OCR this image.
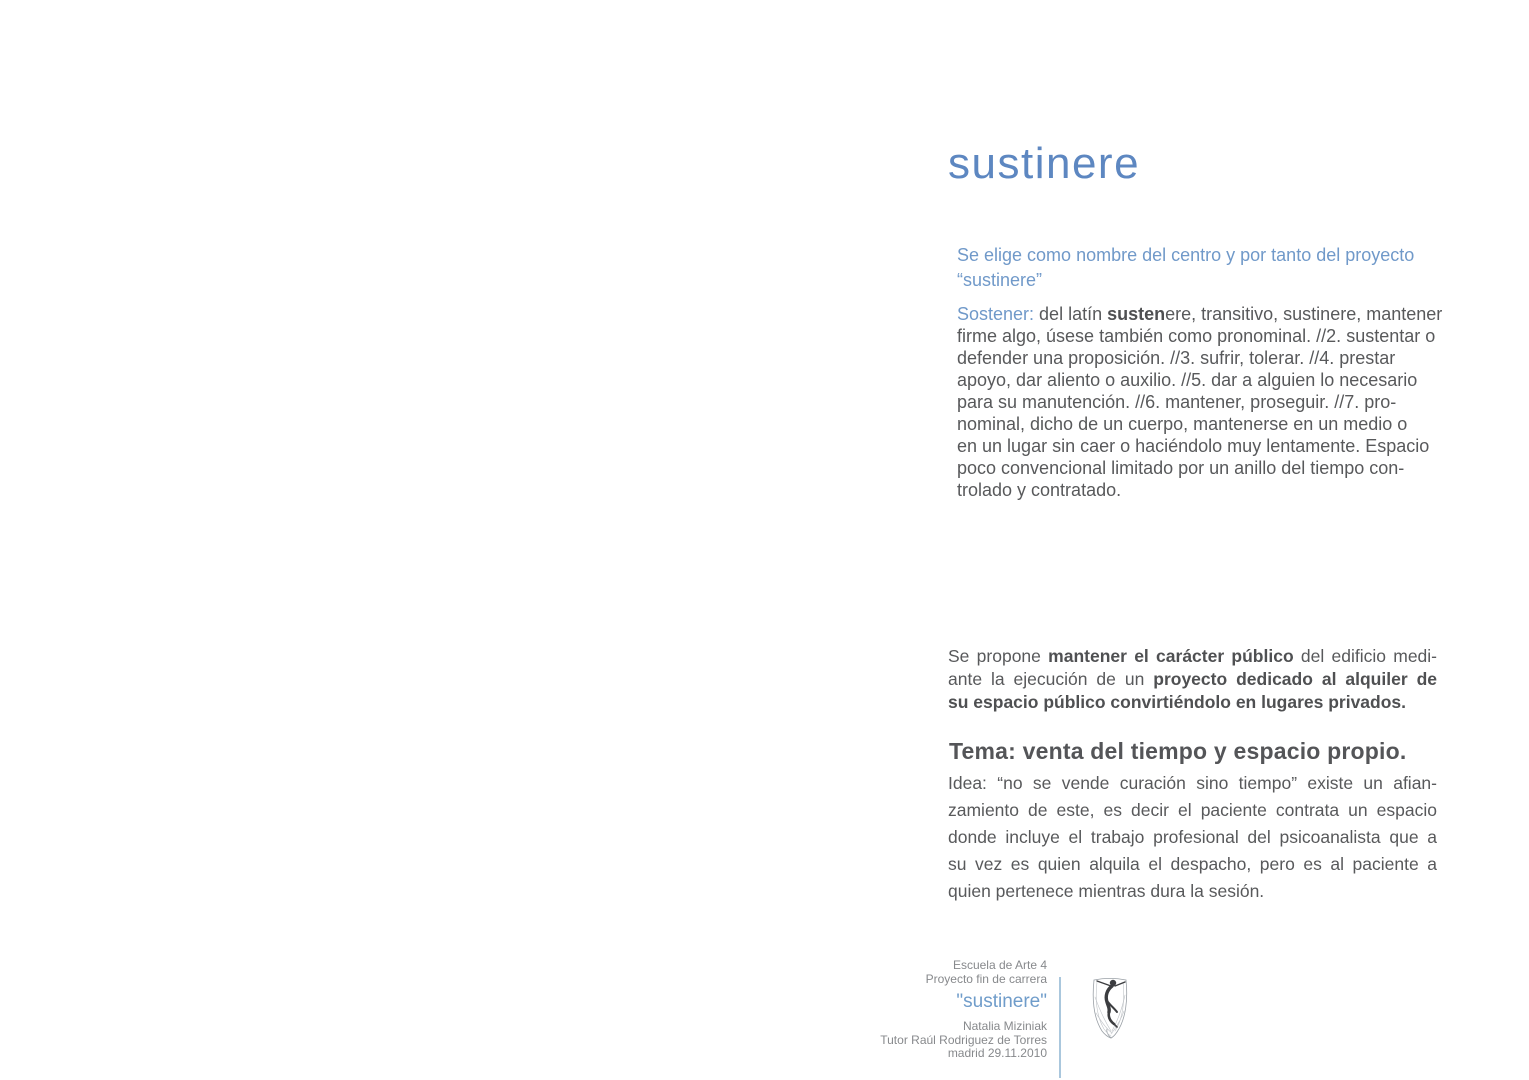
sustinere
Se elige como nombre del centro y por tanto del proyecto
“sustinere”
Sostener: del latín sustenere, transitivo, sustinere, mantener
firme algo, úsese también como pronominal. //2. sustentar o
defender una proposición. //3. sufrir, tolerar. //4. prestar
apoyo, dar aliento o auxilio. //5. dar a alguien lo necesario
para su manutención. //6. mantener, proseguir. //7. pro-
nominal, dicho de un cuerpo, mantenerse en un medio o
en un lugar sin caer o haciéndolo muy lentamente. Espacio
poco convencional limitado por un anillo del tiempo con-
trolado y contratado.
Se propone mantener el carácter público del edificio medi-
ante la ejecución de un proyecto dedicado al alquiler de
su espacio público convirtiéndolo en lugares privados.
Tema: venta del tiempo y espacio propio.
Idea: “no se vende curación sino tiempo” existe un afian-
zamiento de este, es decir el paciente contrata un espacio
donde incluye el trabajo profesional del psicoanalista que a
su vez es quien alquila el despacho, pero es al paciente a
quien pertenece mientras dura la sesión.
Escuela de Arte 4
Proyecto fin de carrera
"sustinere"
Natalia Miziniak
Tutor Raúl Rodriguez de Torres
madrid 29.11.2010
